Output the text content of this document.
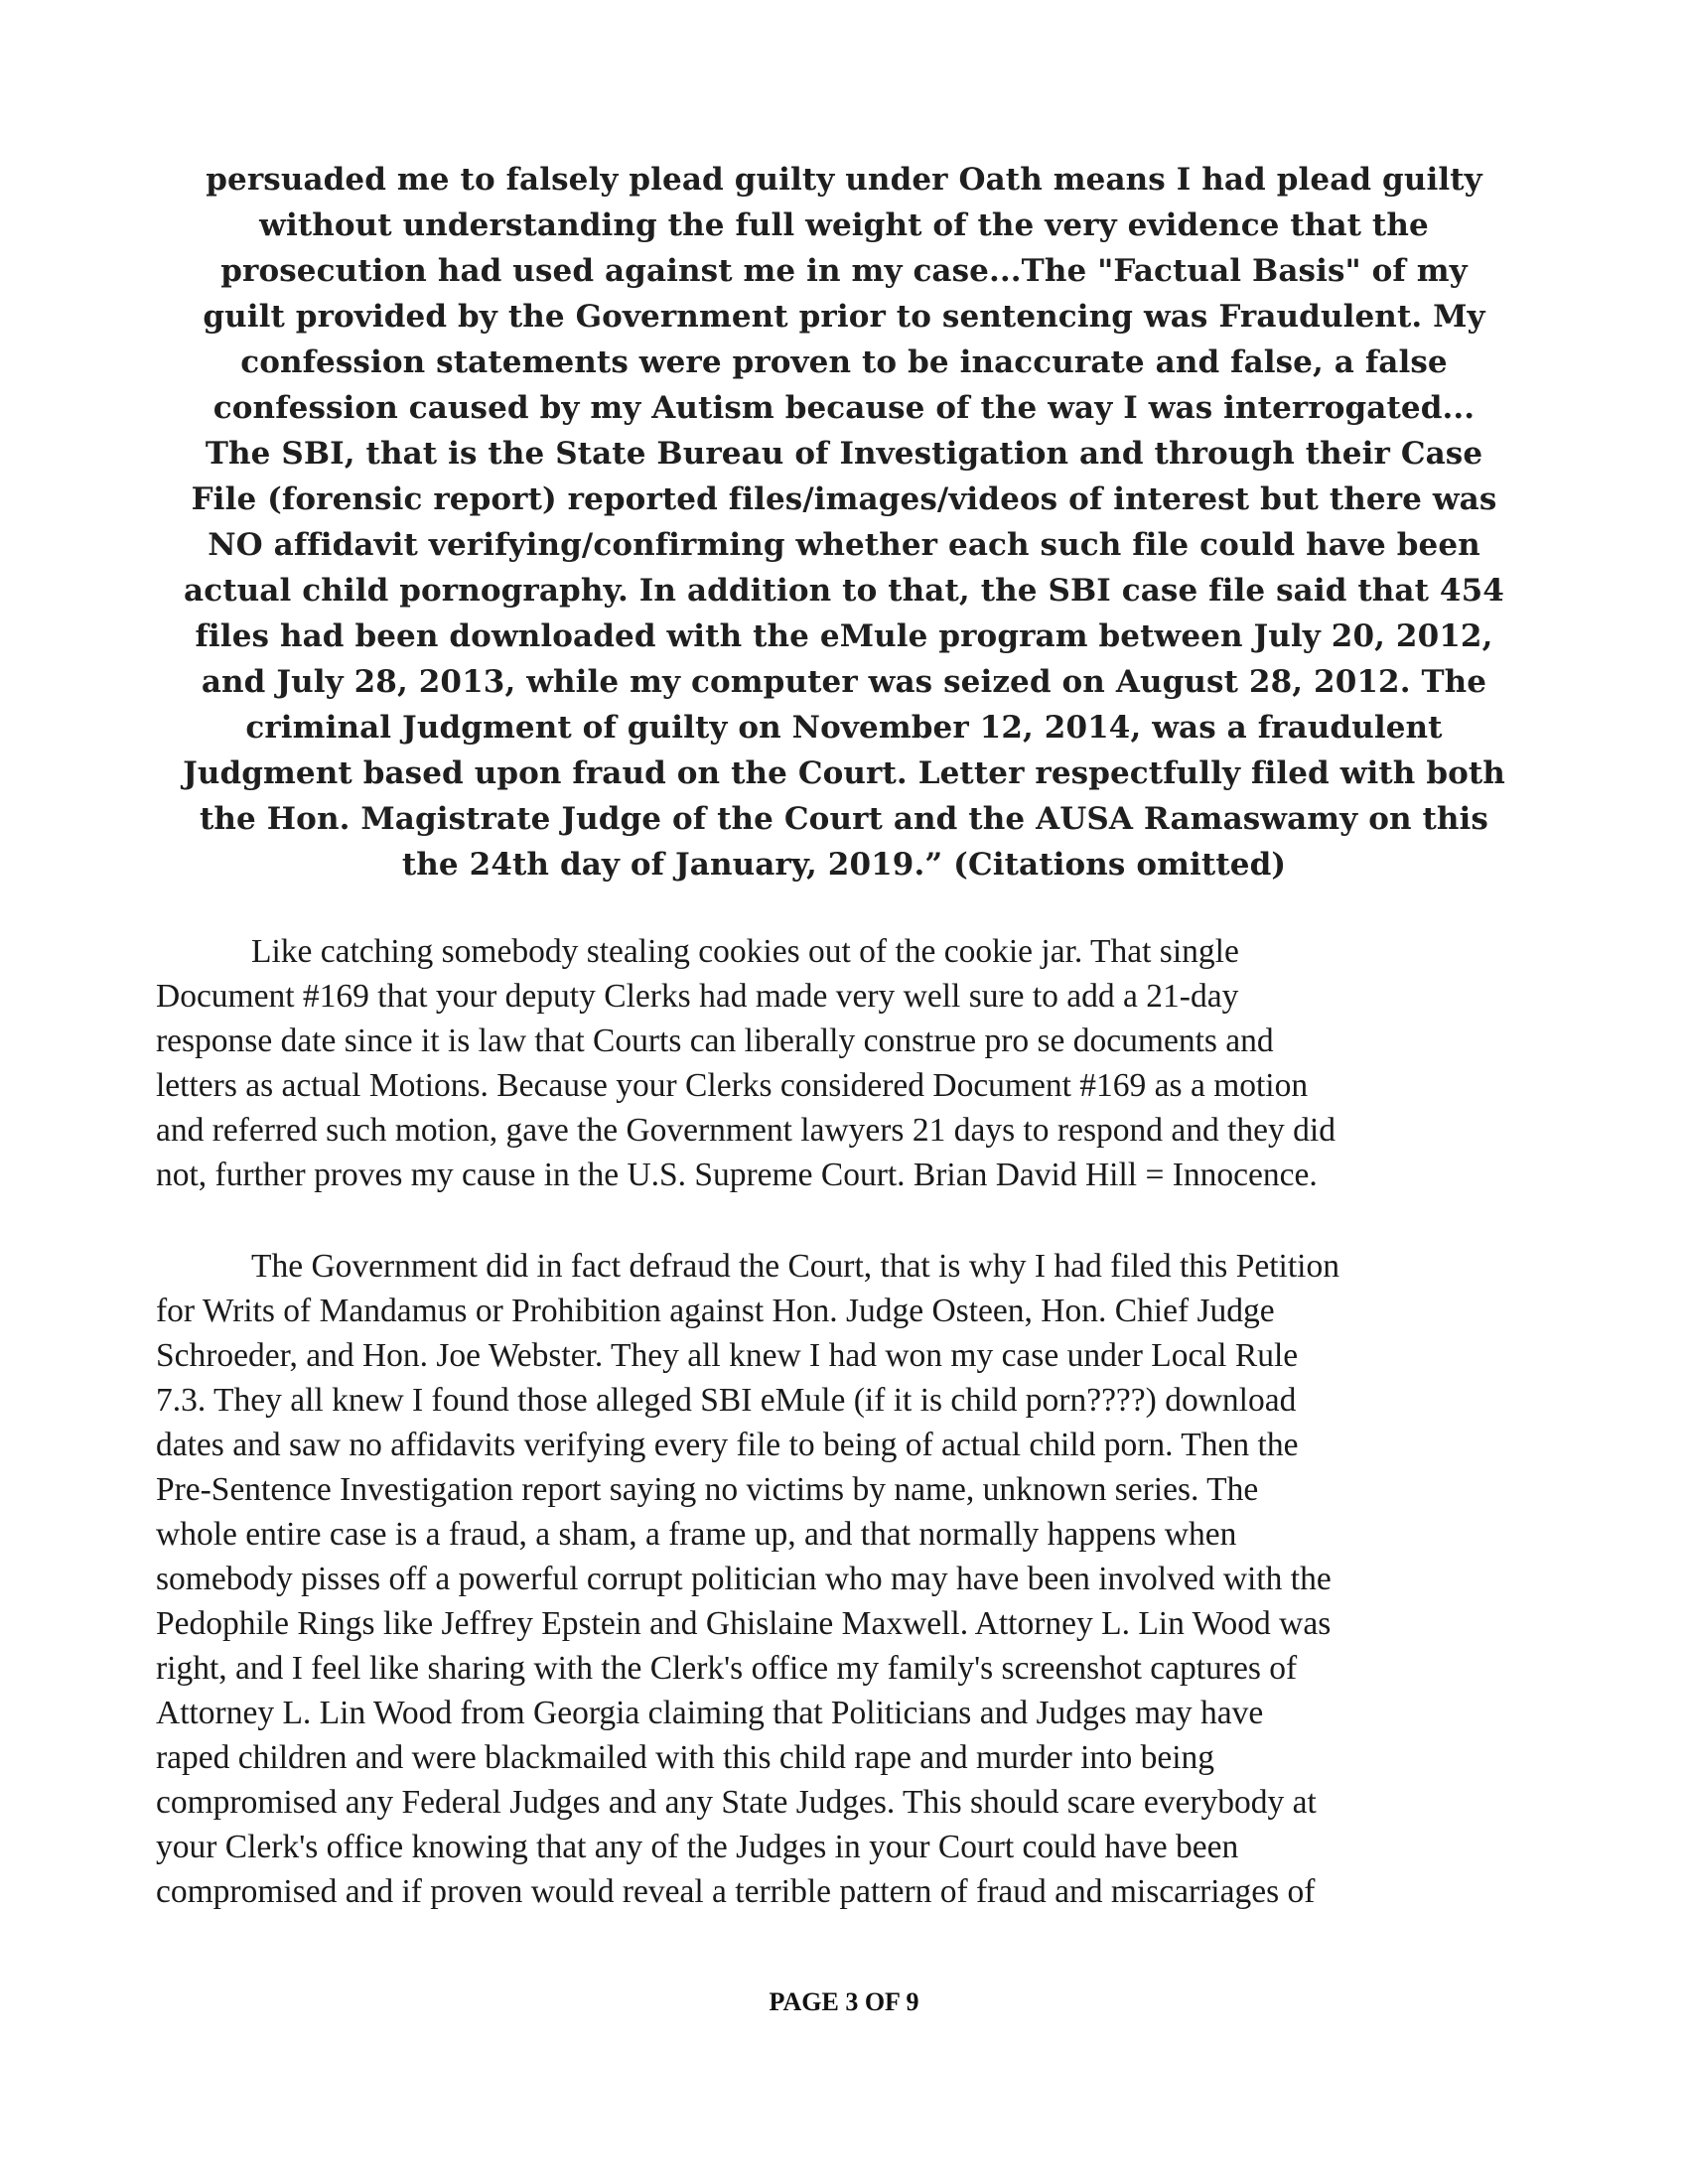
persuaded me to falsely plead guilty under Oath means I had plead guilty
without understanding the full weight of the very evidence that the
prosecution had used against me in my case...The "Factual Basis" of my
guilt provided by the Government prior to sentencing was Fraudulent. My
confession statements were proven to be inaccurate and false, a false
confession caused by my Autism because of the way I was interrogated...
The SBI, that is the State Bureau of Investigation and through their Case
File (forensic report) reported files/images/videos of interest but there was
NO affidavit verifying/confirming whether each such file could have been
actual child pornography. In addition to that, the SBI case file said that 454
files had been downloaded with the eMule program between July 20, 2012,
and July 28, 2013, while my computer was seized on August 28, 2012. The
criminal Judgment of guilty on November 12, 2014, was a fraudulent
Judgment based upon fraud on the Court. Letter respectfully filed with both
the Hon. Magistrate Judge of the Court and the AUSA Ramaswamy on this
the 24th day of January, 2019.” (Citations omitted)
Like catching somebody stealing cookies out of the cookie jar. That single
Document #169 that your deputy Clerks had made very well sure to add a 21-day
response date since it is law that Courts can liberally construe pro se documents and
letters as actual Motions. Because your Clerks considered Document #169 as a motion
and referred such motion, gave the Government lawyers 21 days to respond and they did
not, further proves my cause in the U.S. Supreme Court. Brian David Hill = Innocence.
The Government did in fact defraud the Court, that is why I had filed this Petition
for Writs of Mandamus or Prohibition against Hon. Judge Osteen, Hon. Chief Judge
Schroeder, and Hon. Joe Webster. They all knew I had won my case under Local Rule
7.3. They all knew I found those alleged SBI eMule (if it is child porn????) download
dates and saw no affidavits verifying every file to being of actual child porn. Then the
Pre-Sentence Investigation report saying no victims by name, unknown series. The
whole entire case is a fraud, a sham, a frame up, and that normally happens when
somebody pisses off a powerful corrupt politician who may have been involved with the
Pedophile Rings like Jeffrey Epstein and Ghislaine Maxwell. Attorney L. Lin Wood was
right, and I feel like sharing with the Clerk's office my family's screenshot captures of
Attorney L. Lin Wood from Georgia claiming that Politicians and Judges may have
raped children and were blackmailed with this child rape and murder into being
compromised any Federal Judges and any State Judges. This should scare everybody at
your Clerk's office knowing that any of the Judges in your Court could have been
compromised and if proven would reveal a terrible pattern of fraud and miscarriages of
PAGE 3 OF 9
